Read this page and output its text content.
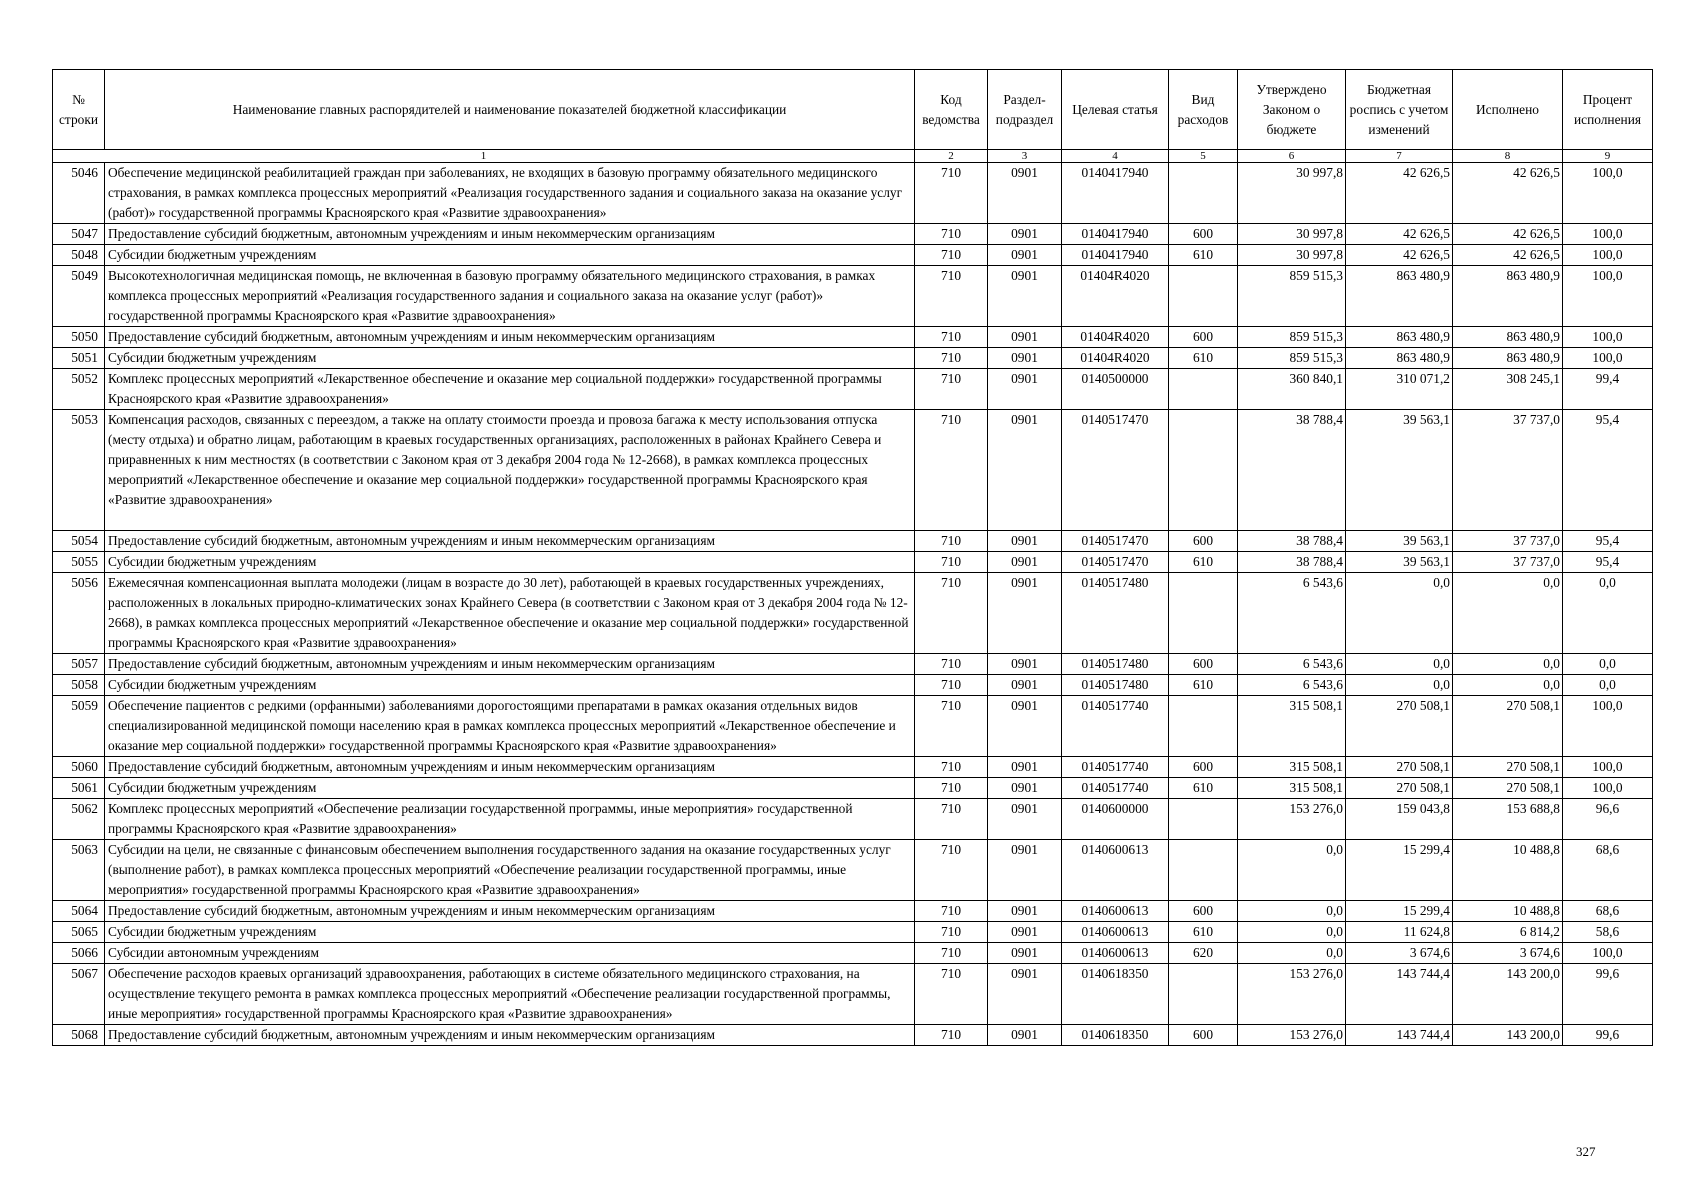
№ строки	Наименование главных распорядителей и наименование показателей бюджетной классификации	Код ведомства	Раздел-подраздел	Целевая статья	Вид расходов	Утверждено Законом о бюджете	Бюджетная роспись с учетом изменений	Исполнено	Процент исполнения
1		2	3	4	5	6	7	8	9
5046	Обеспечение медицинской реабилитацией граждан при заболеваниях, не входящих в базовую программу обязательного медицинского страхования, в рамках комплекса процессных мероприятий «Реализация государственного задания и социального заказа на оказание услуг (работ)» государственной программы Красноярского края «Развитие здравоохранения»	710	0901	0140417940		30 997,8	42 626,5	42 626,5	100,0
5047	Предоставление субсидий бюджетным, автономным учреждениям и иным некоммерческим организациям	710	0901	0140417940	600	30 997,8	42 626,5	42 626,5	100,0
5048	Субсидии бюджетным учреждениям	710	0901	0140417940	610	30 997,8	42 626,5	42 626,5	100,0
5049	Высокотехнологичная медицинская помощь, не включенная в базовую программу обязательного медицинского страхования, в рамках комплекса процессных мероприятий «Реализация государственного задания и социального заказа на оказание услуг (работ)» государственной программы Красноярского края «Развитие здравоохранения»	710	0901	01404R4020		859 515,3	863 480,9	863 480,9	100,0
5050	Предоставление субсидий бюджетным, автономным учреждениям и иным некоммерческим организациям	710	0901	01404R4020	600	859 515,3	863 480,9	863 480,9	100,0
5051	Субсидии бюджетным учреждениям	710	0901	01404R4020	610	859 515,3	863 480,9	863 480,9	100,0
5052	Комплекс процессных мероприятий «Лекарственное обеспечение и оказание мер социальной поддержки» государственной программы Красноярского края «Развитие здравоохранения»	710	0901	0140500000		360 840,1	310 071,2	308 245,1	99,4
5053	Компенсация расходов, связанных с переездом, а также на оплату стоимости проезда и провоза багажа к месту использования отпуска (месту отдыха) и обратно лицам, работающим в краевых государственных организациях, расположенных в районах Крайнего Севера и приравненных к ним местностях (в соответствии с Законом края от 3 декабря 2004 года № 12-2668), в рамках комплекса процессных мероприятий «Лекарственное обеспечение и оказание мер социальной поддержки» государственной программы Красноярского края «Развитие здравоохранения»	710	0901	0140517470		38 788,4	39 563,1	37 737,0	95,4
5054	Предоставление субсидий бюджетным, автономным учреждениям и иным некоммерческим организациям	710	0901	0140517470	600	38 788,4	39 563,1	37 737,0	95,4
5055	Субсидии бюджетным учреждениям	710	0901	0140517470	610	38 788,4	39 563,1	37 737,0	95,4
5056	Ежемесячная компенсационная выплата молодежи (лицам в возрасте до 30 лет), работающей в краевых государственных учреждениях, расположенных в локальных природно-климатических зонах Крайнего Севера (в соответствии с Законом края от 3 декабря 2004 года № 12-2668), в рамках комплекса процессных мероприятий «Лекарственное обеспечение и оказание мер социальной поддержки» государственной программы Красноярского края «Развитие здравоохранения»	710	0901	0140517480		6 543,6	0,0	0,0	0,0
5057	Предоставление субсидий бюджетным, автономным учреждениям и иным некоммерческим организациям	710	0901	0140517480	600	6 543,6	0,0	0,0	0,0
5058	Субсидии бюджетным учреждениям	710	0901	0140517480	610	6 543,6	0,0	0,0	0,0
5059	Обеспечение пациентов с редкими (орфанными) заболеваниями дорогостоящими препаратами в рамках оказания отдельных видов специализированной медицинской помощи населению края в рамках комплекса процессных мероприятий «Лекарственное обеспечение и оказание мер социальной поддержки» государственной программы Красноярского края «Развитие здравоохранения»	710	0901	0140517740		315 508,1	270 508,1	270 508,1	100,0
5060	Предоставление субсидий бюджетным, автономным учреждениям и иным некоммерческим организациям	710	0901	0140517740	600	315 508,1	270 508,1	270 508,1	100,0
5061	Субсидии бюджетным учреждениям	710	0901	0140517740	610	315 508,1	270 508,1	270 508,1	100,0
5062	Комплекс процессных мероприятий «Обеспечение реализации государственной программы, иные мероприятия» государственной программы Красноярского края «Развитие здравоохранения»	710	0901	0140600000		153 276,0	159 043,8	153 688,8	96,6
5063	Субсидии на цели, не связанные с финансовым обеспечением выполнения государственного задания на оказание государственных услуг (выполнение работ), в рамках комплекса процессных мероприятий «Обеспечение реализации государственной программы, иные мероприятия» государственной программы Красноярского края «Развитие здравоохранения»	710	0901	0140600613		0,0	15 299,4	10 488,8	68,6
5064	Предоставление субсидий бюджетным, автономным учреждениям и иным некоммерческим организациям	710	0901	0140600613	600	0,0	15 299,4	10 488,8	68,6
5065	Субсидии бюджетным учреждениям	710	0901	0140600613	610	0,0	11 624,8	6 814,2	58,6
5066	Субсидии автономным учреждениям	710	0901	0140600613	620	0,0	3 674,6	3 674,6	100,0
5067	Обеспечение расходов краевых организаций здравоохранения, работающих в системе обязательного медицинского страхования, на осуществление текущего ремонта в рамках комплекса процессных мероприятий «Обеспечение реализации государственной программы, иные мероприятия» государственной программы Красноярского края «Развитие здравоохранения»	710	0901	0140618350		153 276,0	143 744,4	143 200,0	99,6
5068	Предоставление субсидий бюджетным, автономным учреждениям и иным некоммерческим организациям	710	0901	0140618350	600	153 276,0	143 744,4	143 200,0	99,6
327
